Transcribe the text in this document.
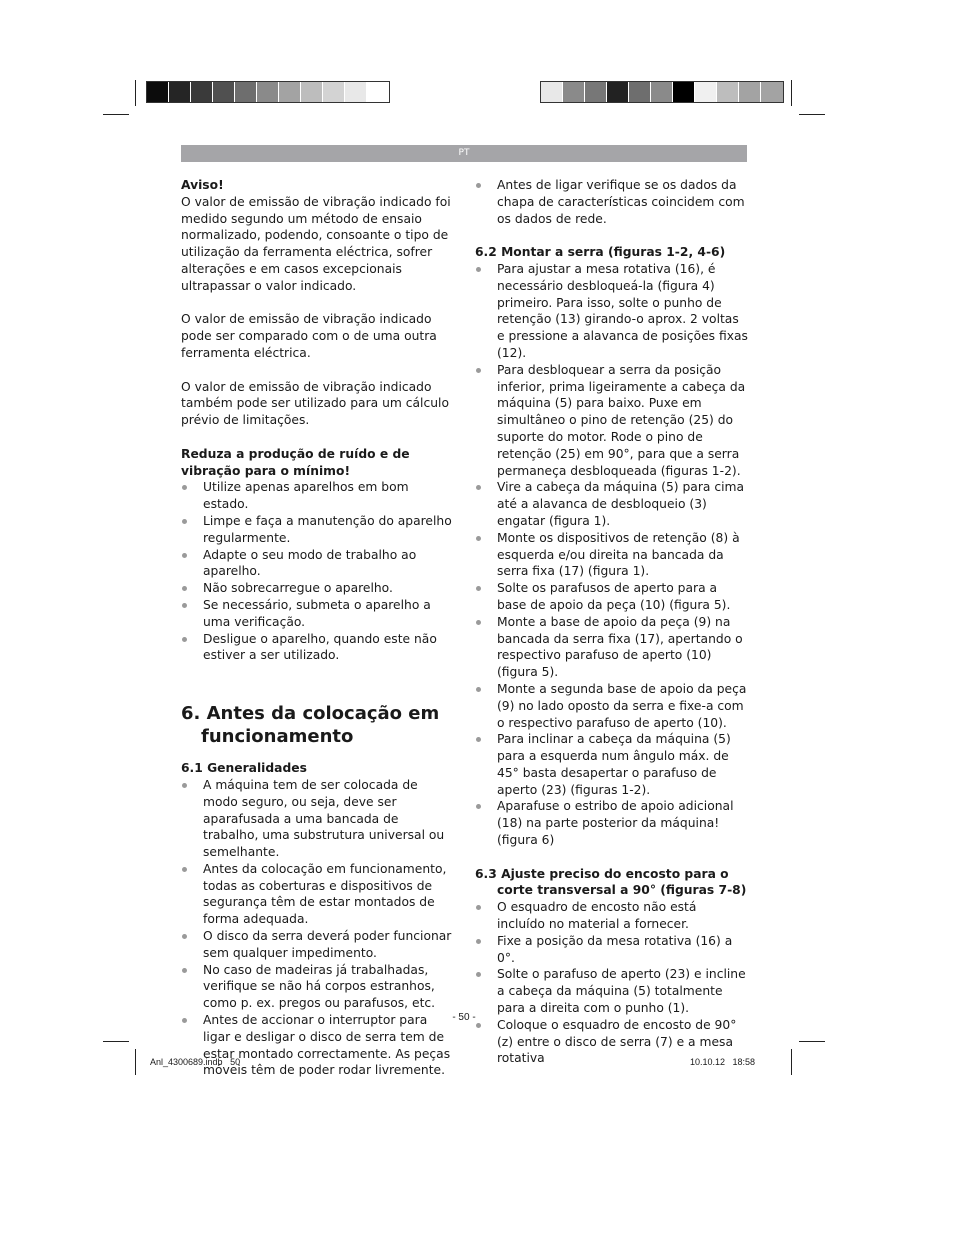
PT

Aviso!

O valor de emissão de vibração indicado foi medido segundo um método de ensaio normalizado, podendo, consoante o tipo de utilização da ferramenta eléctrica, sofrer alterações e em casos excepcionais ultrapassar o valor indicado.

O valor de emissão de vibração indicado pode ser comparado com o de uma outra ferramenta eléctrica.

O valor de emissão de vibração indicado também pode ser utilizado para um cálculo prévio de limitações.

Reduza a produção de ruído e de vibração para o mínimo!

Utilize apenas aparelhos em bom estado.
Limpe e faça a manutenção do aparelho regularmente.
Adapte o seu modo de trabalho ao aparelho.
Não sobrecarregue o aparelho.
Se necessário, submeta o aparelho a uma verificação.
Desligue o aparelho, quando este não estiver a ser utilizado.
6. Antes da colocação em funcionamento

6.1 Generalidades

A máquina tem de ser colocada de modo seguro, ou seja, deve ser aparafusada a uma bancada de trabalho, uma substrutura universal ou semelhante.
Antes da colocação em funcionamento, todas as coberturas e dispositivos de segurança têm de estar montados de forma adequada.
O disco da serra deverá poder funcionar sem qualquer impedimento.
No caso de madeiras já trabalhadas, verifique se não há corpos estranhos, como p. ex. pregos ou parafusos, etc.
Antes de accionar o interruptor para ligar e desligar o disco de serra tem de estar montado correctamente. As peças móveis têm de poder rodar livremente.
Antes de ligar verifique se os dados da chapa de características coincidem com os dados de rede.

6.2 Montar a serra (figuras 1-2, 4-6)

Para ajustar a mesa rotativa (16), é necessário desbloqueá-la (figura 4) primeiro. Para isso, solte o punho de retenção (13) girando-o aprox. 2 voltas e pressione a alavanca de posições fixas (12).
Para desbloquear a serra da posição inferior, prima ligeiramente a cabeça da máquina (5) para baixo. Puxe em simultâneo o pino de retenção (25) do suporte do motor. Rode o pino de retenção (25) em 90°, para que a serra permaneça desbloqueada (figuras 1-2).
Vire a cabeça da máquina (5) para cima até a alavanca de desbloqueio (3) engatar (figura 1).
Monte os dispositivos de retenção (8) à esquerda e/ou direita na bancada da serra fixa (17) (figura 1).
Solte os parafusos de aperto para a base de apoio da peça (10) (figura 5).
Monte a base de apoio da peça (9) na bancada da serra fixa (17), apertando o respectivo parafuso de aperto (10) (figura 5).
Monte a segunda base de apoio da peça (9) no lado oposto da serra e fixe-a com o respectivo parafuso de aperto (10).
Para inclinar a cabeça da máquina (5) para a esquerda num ângulo máx. de 45° basta desapertar o parafuso de aperto (23) (figuras 1-2).
Aparafuse o estribo de apoio adicional (18) na parte posterior da máquina! (figura 6)

6.3 Ajuste preciso do encosto para o corte transversal a 90° (figuras 7-8)

O esquadro de encosto não está incluído no material a fornecer.
Fixe a posição da mesa rotativa (16) a 0°.
Solte o parafuso de aperto (23) e incline a cabeça da máquina (5) totalmente para a direita com o punho (1).
Coloque o esquadro de encosto de 90° (z) entre o disco de serra (7) e a mesa rotativa
- 50 -
Anl_4300689.indb   50	10.10.12   18:58
